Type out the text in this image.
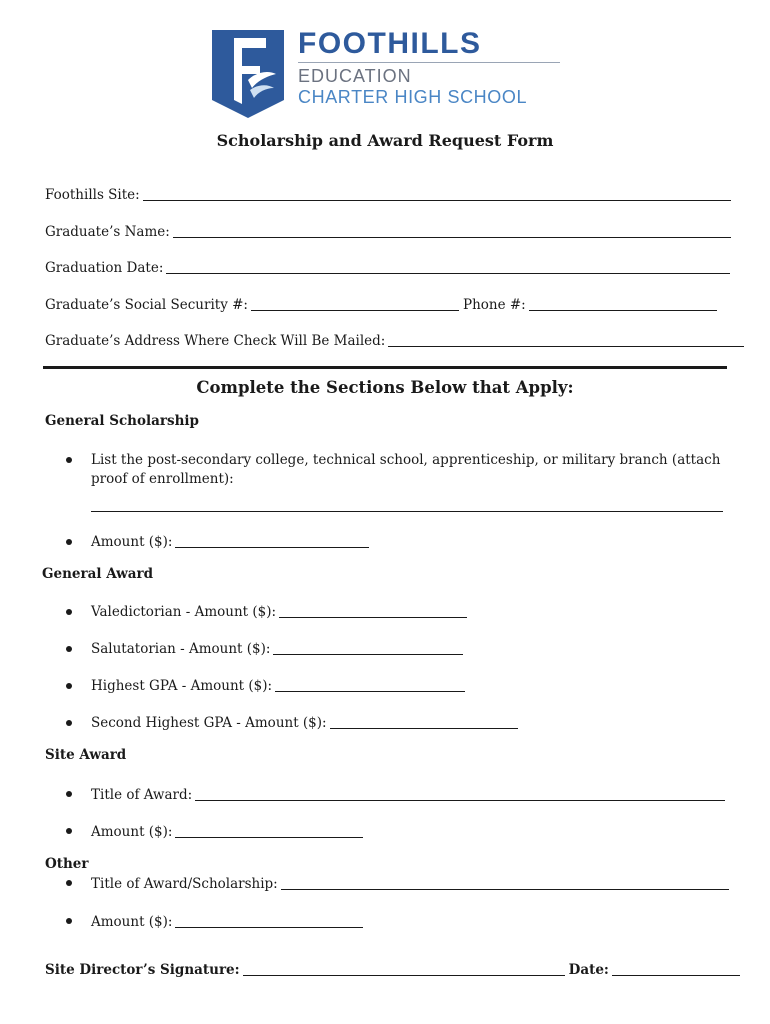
FOOTHILLS
EDUCATION
CHARTER HIGH SCHOOL
Scholarship and Award Request Form
Foothills Site:
Graduate’s Name:
Graduation Date:
Graduate’s Social Security #:	Phone #:
Graduate’s Address Where Check Will Be Mailed:
Complete the Sections Below that Apply:
General Scholarship
List the post-secondary college, technical school, apprenticeship, or military branch (attach proof of enrollment):
Amount ($):
General Award
Valedictorian - Amount ($):
Salutatorian - Amount ($):
Highest GPA - Amount ($):
Second Highest GPA - Amount ($):
Site Award
Title of Award:
Amount ($):
Other
Title of Award/Scholarship:
Amount ($):
Site Director’s Signature:	Date:
